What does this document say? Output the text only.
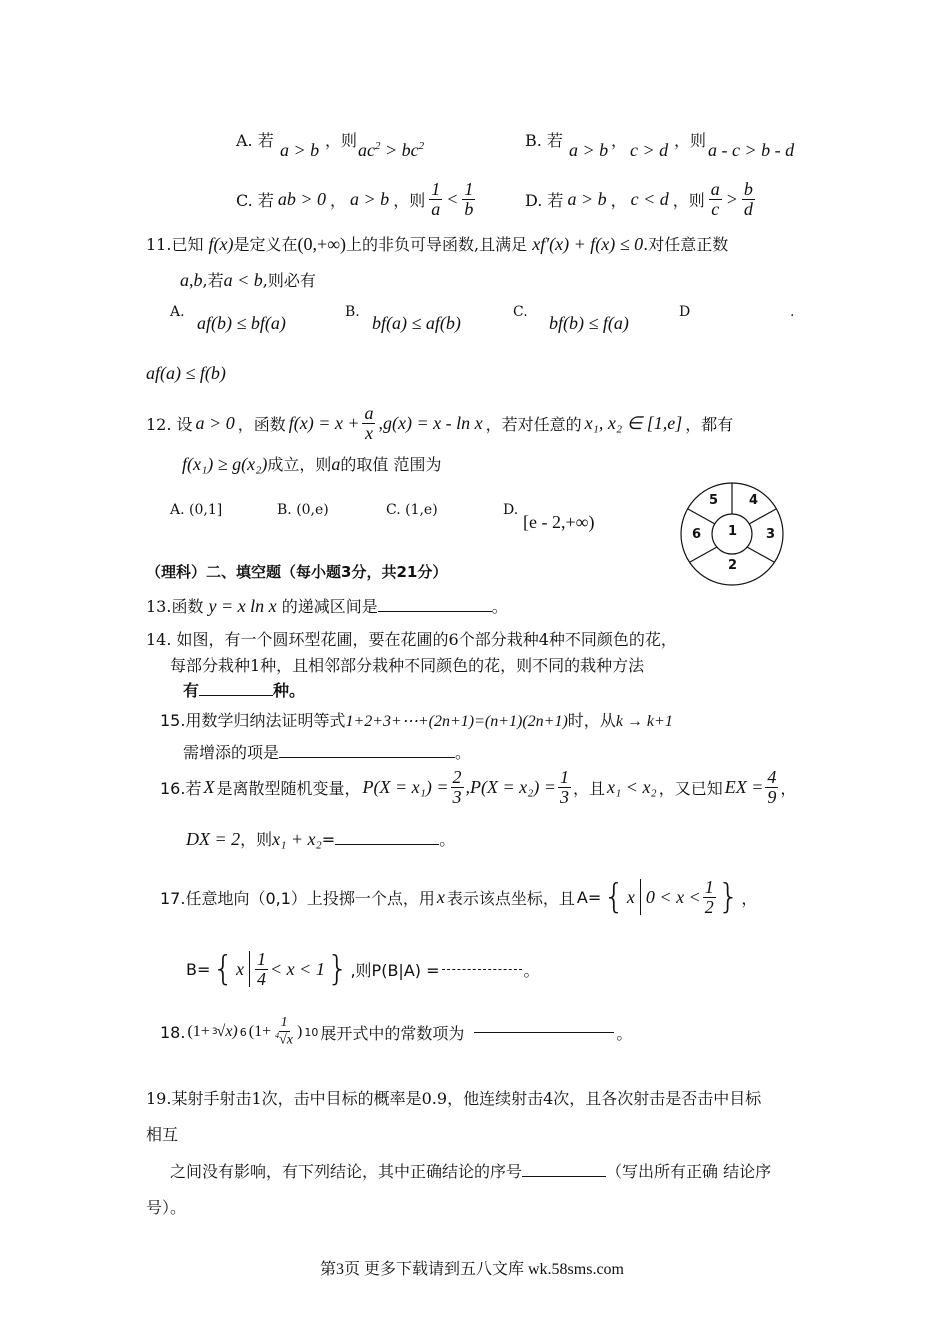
A. 若 a > b ，则 $ac^2 > bc^2$	B. 若 a > b ， c > d ，则 a - c > b - d
C. 若 ab > 0 ， a > b ，则 $\frac{1}{a} < \frac{1}{b}$	D. 若 a > b ， c < d ，则 $\frac{a}{c} > \frac{b}{d}$
11.已知 f(x)是定义在(0,+∞)上的非负可导函数,且满足 xf′(x) + f(x) ≤ 0.对任意正数
a,b,若a < b,则必有
A.
af(b) ≤ bf(a)
B.
bf(a) ≤ af(b)
C.
bf(b) ≤ f(a)
D	.
af(a) ≤ f(b)
12. 设 a > 0 ，函数 $f(x) = x + \frac{a}{x} ,g(x) = x - \ln x$ ，若对任意的 x₁, x₂ ∈ [1,e] ，都有
f(x₁) ≥ g(x₂)成立，则a的取值 范围为
A. (0,1]	B. (0,e)	C. (1,e)	D.
[e - 2,+∞)	1
2
3
4
5
6
（理科）二、填空题（每小题3分，共21分）
13.函数 y = x ln x 的递减区间是	。
14. 如图，有一个圆环型花圃，要在花圃的6个部分栽种4种不同颜色的花，
每部分栽种1种，且相邻部分栽种不同颜色的花，则不同的栽种方法
有	种。
15.用数学归纳法证明等式1+2+3+⋯+(2n+1)=(n+1)(2n+1)时，从k → k+1
需增添的项是	。
16.若 X 是离散型随机变量， $P(X = x_1) = \frac{2}{3} ,P(X = x_2) = \frac{1}{3}$ ，且 x₁ < x₂ ，又已知 EX = $\frac{4}{9}$ ，
DX = 2，则x₁ + x₂=	。
17.任意地向（0,1）上投掷一个点，用 x 表示该点坐标，且 A= { x $0 < x < \frac{1}{2}$ } ，
B= { x $\frac{1}{4} < x < 1$ } ,则P(B|A) =	。
18. (1+ 3 √x) 6 ($1+ \frac{1}{^4√x}$ ) 10 展开式中的常数项为	。
19.某射手射击1次，击中目标的概率是0.9，他连续射击4次，且各次射击是否击中目标
相互
之间没有影响，有下列结论，其中正确结论的序号	（写出所有正确 结论序
号）。
第3页 更多下载请到五八文库 wk.58sms.com
